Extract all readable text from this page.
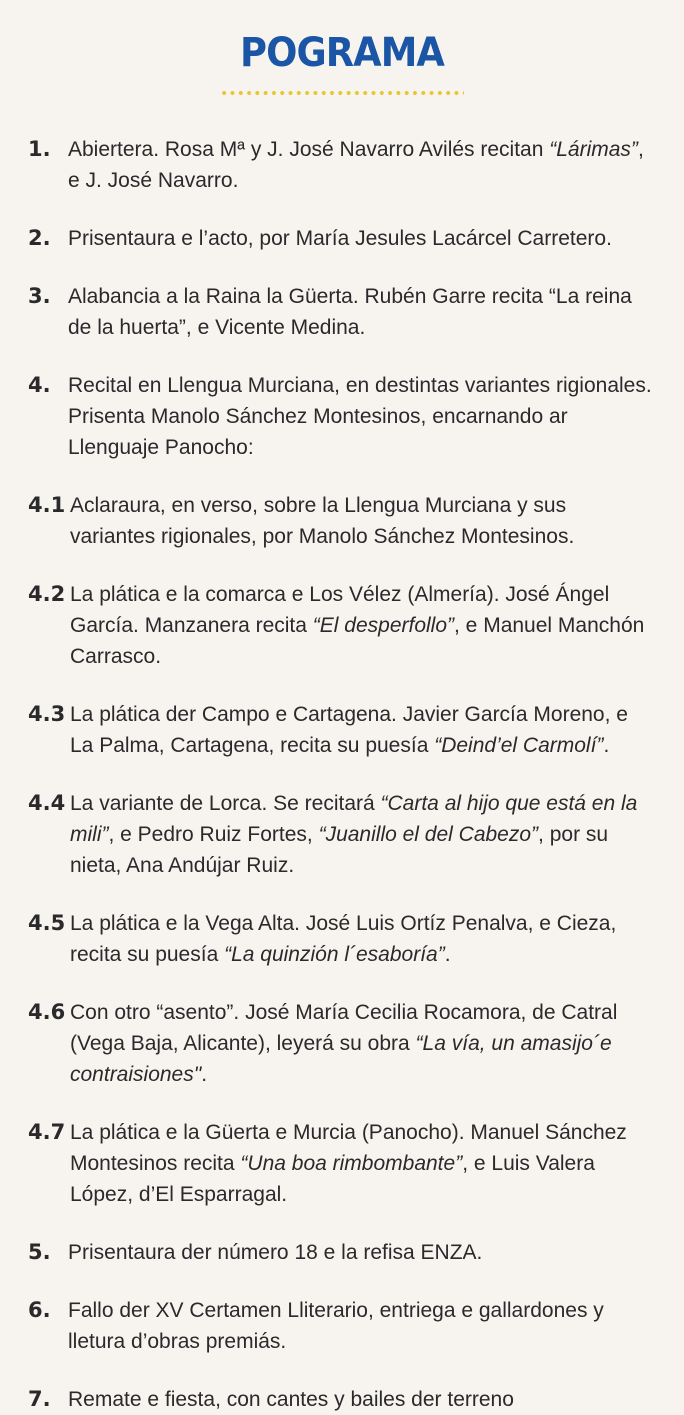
POGRAMA
1. Abiertera. Rosa Mª y J. José Navarro Avilés recitan “Lárimas”, e J. José Navarro.
2. Prisentaura e l’acto, por María Jesules Lacárcel Carretero.
3. Alabancia a la Raina la Güerta. Rubén Garre recita “La reina de la huerta”, e Vicente Medina.
4. Recital en Llengua Murciana, en destintas variantes rigionales. Prisenta Manolo Sánchez Montesinos, encarnando ar Llenguaje Panocho:
4.1 Aclaraura, en verso, sobre la Llengua Murciana y sus variantes rigionales, por Manolo Sánchez Montesinos.
4.2 La plática e la comarca e Los Vélez (Almería). José Ángel García. Manzanera recita “El desperfollo”, e Manuel Manchón Carrasco.
4.3 La plática der Campo e Cartagena. Javier García Moreno, e La Palma, Cartagena, recita su puesía “Deind’el Carmolí”.
4.4 La variante de Lorca. Se recitará “Carta al hijo que está en la mili”, e Pedro Ruiz Fortes, “Juanillo el del Cabezo”, por su nieta, Ana Andújar Ruiz.
4.5 La plática e la Vega Alta. José Luis Ortíz Penalva, e Cieza, recita su puesía “La quinzión l´esaboría”.
4.6 Con otro “asento”. José María Cecilia Rocamora, de Catral (Vega Baja, Alicante), leyerá su obra “La vía, un amasijo´e contraisiones".
4.7 La plática e la Güerta e Murcia (Panocho). Manuel Sánchez Montesinos recita “Una boa rimbombante”, e Luis Valera López, d’El Esparragal.
5. Prisentaura der número 18 e la refisa ENZA.
6. Fallo der XV Certamen Lliterario, entriega e gallardones y lletura d’obras premiás.
7. Remate e fiesta, con cantes y bailes der terreno
